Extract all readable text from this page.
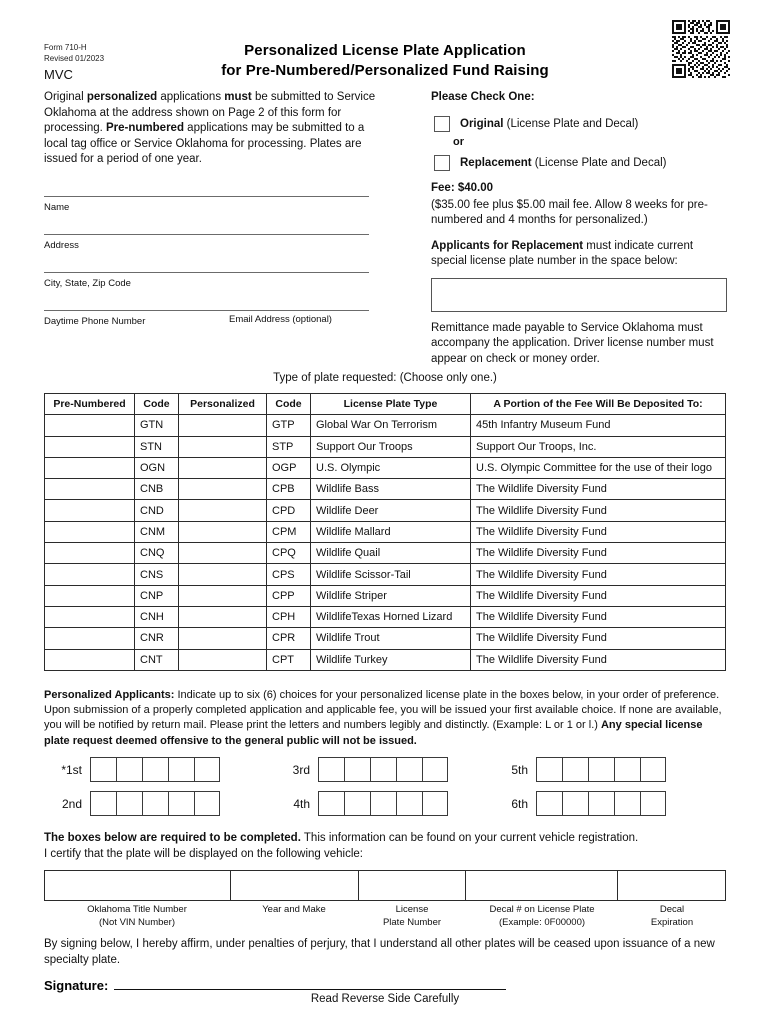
Form 710-H
Revised 01/2023
MVC
Personalized License Plate Application
for Pre-Numbered/Personalized Fund Raising
Original personalized applications must be submitted to Service Oklahoma at the address shown on Page 2 of this form for processing. Pre-numbered applications may be submitted to a local tag office or Service Oklahoma for processing. Plates are issued for a period of one year.
Name
Address
City, State, Zip Code
Daytime Phone Number	Email Address (optional)
Please Check One:
Original (License Plate and Decal)
or
Replacement (License Plate and Decal)
Fee: $40.00
($35.00 fee plus $5.00 mail fee. Allow 8 weeks for pre-numbered and 4 months for personalized.)
Applicants for Replacement must indicate current special license plate number in the space below:
Remittance made payable to Service Oklahoma must accompany the application. Driver license number must appear on check or money order.
Type of plate requested: (Choose only one.)
Pre-Numbered	Code	Personalized	Code	License Plate Type	A Portion of the Fee Will Be Deposited To:
	GTN		GTP	Global War On Terrorism	45th Infantry Museum Fund
	STN		STP	Support Our Troops	Support Our Troops, Inc.
	OGN		OGP	U.S. Olympic	U.S. Olympic Committee for the use of their logo
	CNB		CPB	Wildlife Bass	The Wildlife Diversity Fund
	CND		CPD	Wildlife Deer	The Wildlife Diversity Fund
	CNM		CPM	Wildlife Mallard	The Wildlife Diversity Fund
	CNQ		CPQ	Wildlife Quail	The Wildlife Diversity Fund
	CNS		CPS	Wildlife Scissor-Tail	The Wildlife Diversity Fund
	CNP		CPP	Wildlife Striper	The Wildlife Diversity Fund
	CNH		CPH	WildlifeTexas Horned Lizard	The Wildlife Diversity Fund
	CNR		CPR	Wildlife Trout	The Wildlife Diversity Fund
	CNT		CPT	Wildlife Turkey	The Wildlife Diversity Fund
Personalized Applicants: Indicate up to six (6) choices for your personalized license plate in the boxes below, in your order of preference. Upon submission of a properly completed application and applicable fee, you will be issued your first available choice. If none are available, you will be notified by return mail. Please print the letters and numbers legibly and distinctly. (Example: L or 1 or l.) Any special license plate request deemed offensive to the general public will not be issued.
*1st
2nd
3rd
4th
5th
6th
The boxes below are required to be completed. This information can be found on your current vehicle registration.
I certify that the plate will be displayed on the following vehicle:

Oklahoma Title Number
(Not VIN Number)
Year and Make	License
Plate Number
Decal # on License Plate
(Example: 0F00000)
Decal
Expiration
By signing below, I hereby affirm, under penalties of perjury, that I understand all other plates will be ceased upon issuance of a new specialty plate.
Signature:
Read Reverse Side Carefully
